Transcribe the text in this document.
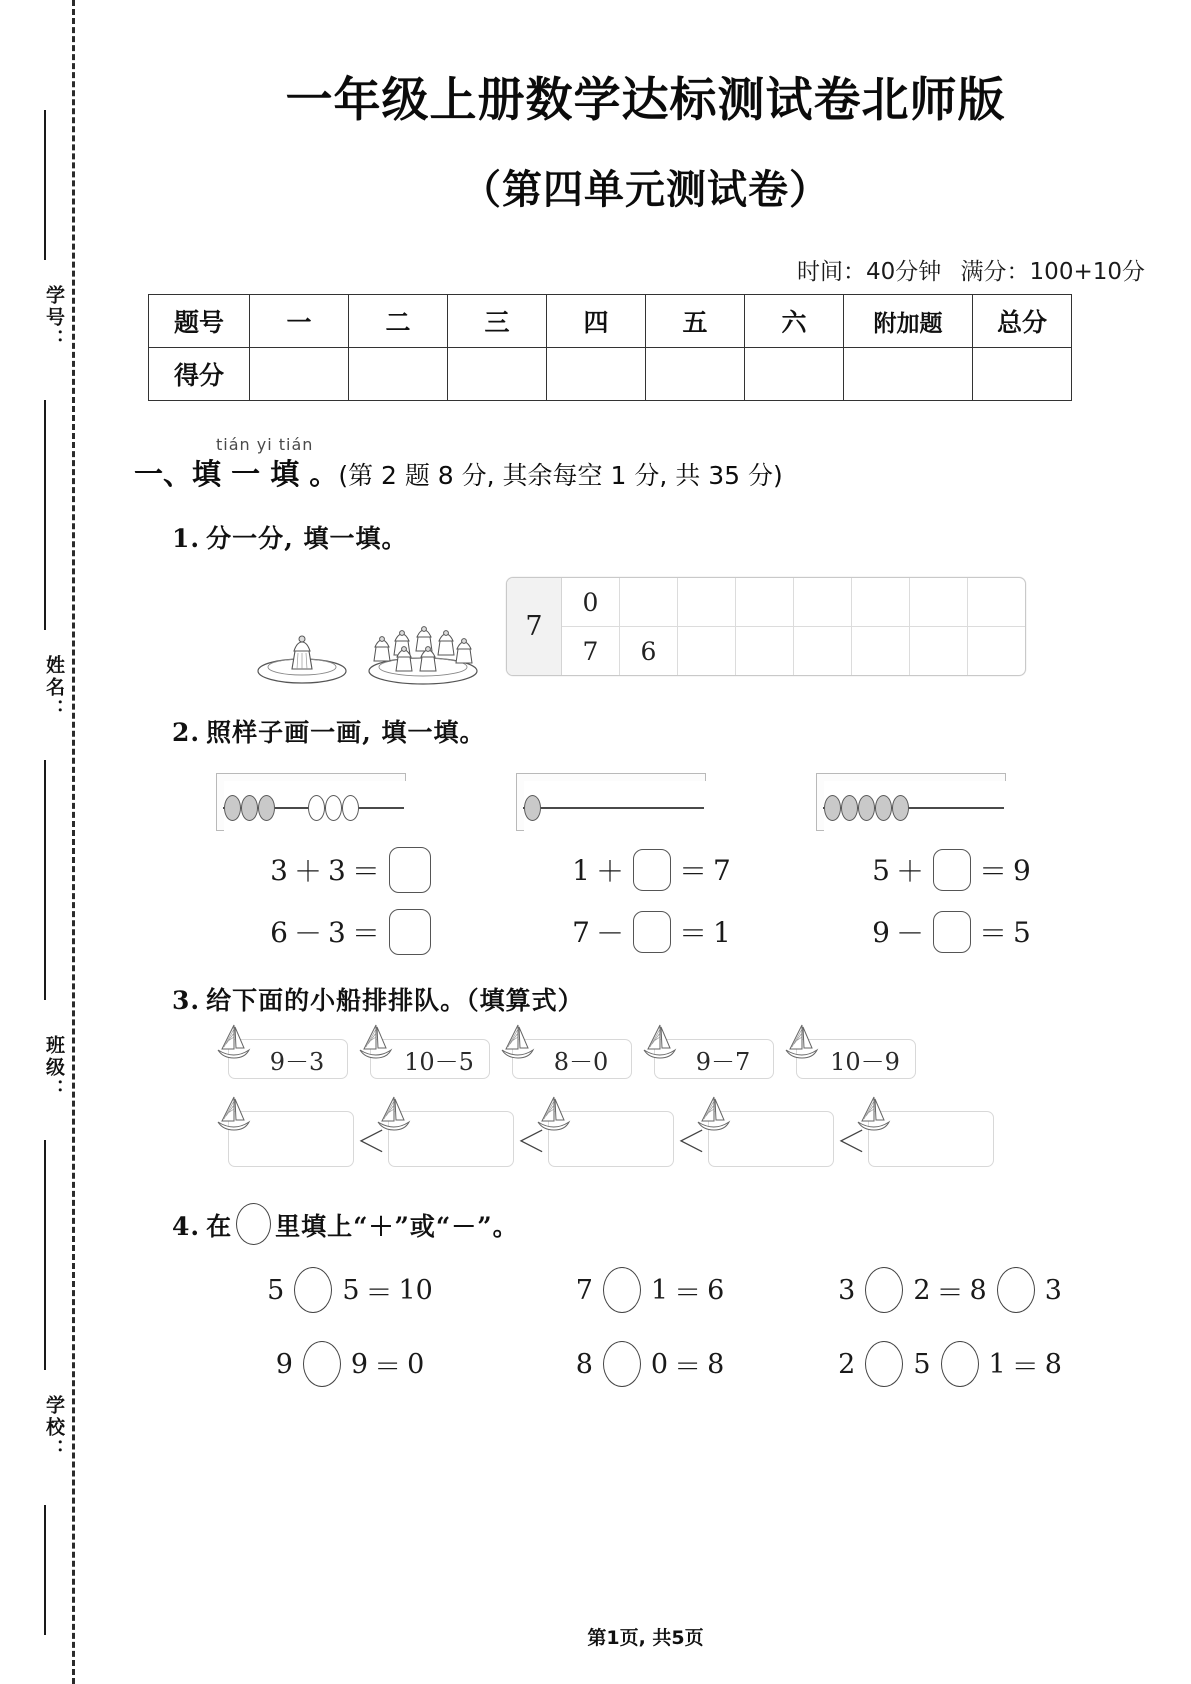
学号：
姓名：
班级：
学校：
一年级上册数学达标测试卷北师版
（第四单元测试卷）
时间：40分钟 满分：100+10分
题号	一	二	三	四	五	六	附加题	总分
得分								
tián yi tián
一、填 一 填 。(第 2 题 8 分, 其余每空 1 分, 共 35 分)
1. 分一分, 填一填。
7
0
7	6
2. 照样子画一画, 填一填。
3 ＋ 3 ＝	1 ＋ ＝ 7	5 ＋ ＝ 9
6 － 3 ＝	7 － ＝ 1	9 － ＝ 5
3. 给下面的小船排排队。（填算式）
9－3	10－5	8－0	9－7	10－9
＜	＜	＜	＜
4. 在 里填上“＋”或“－”。
5 5 ＝ 10	7 1 ＝ 6	3 2 ＝ 8 3
9 9 ＝ 0	8 0 ＝ 8	2 5 1 ＝ 8
第1页, 共5页
